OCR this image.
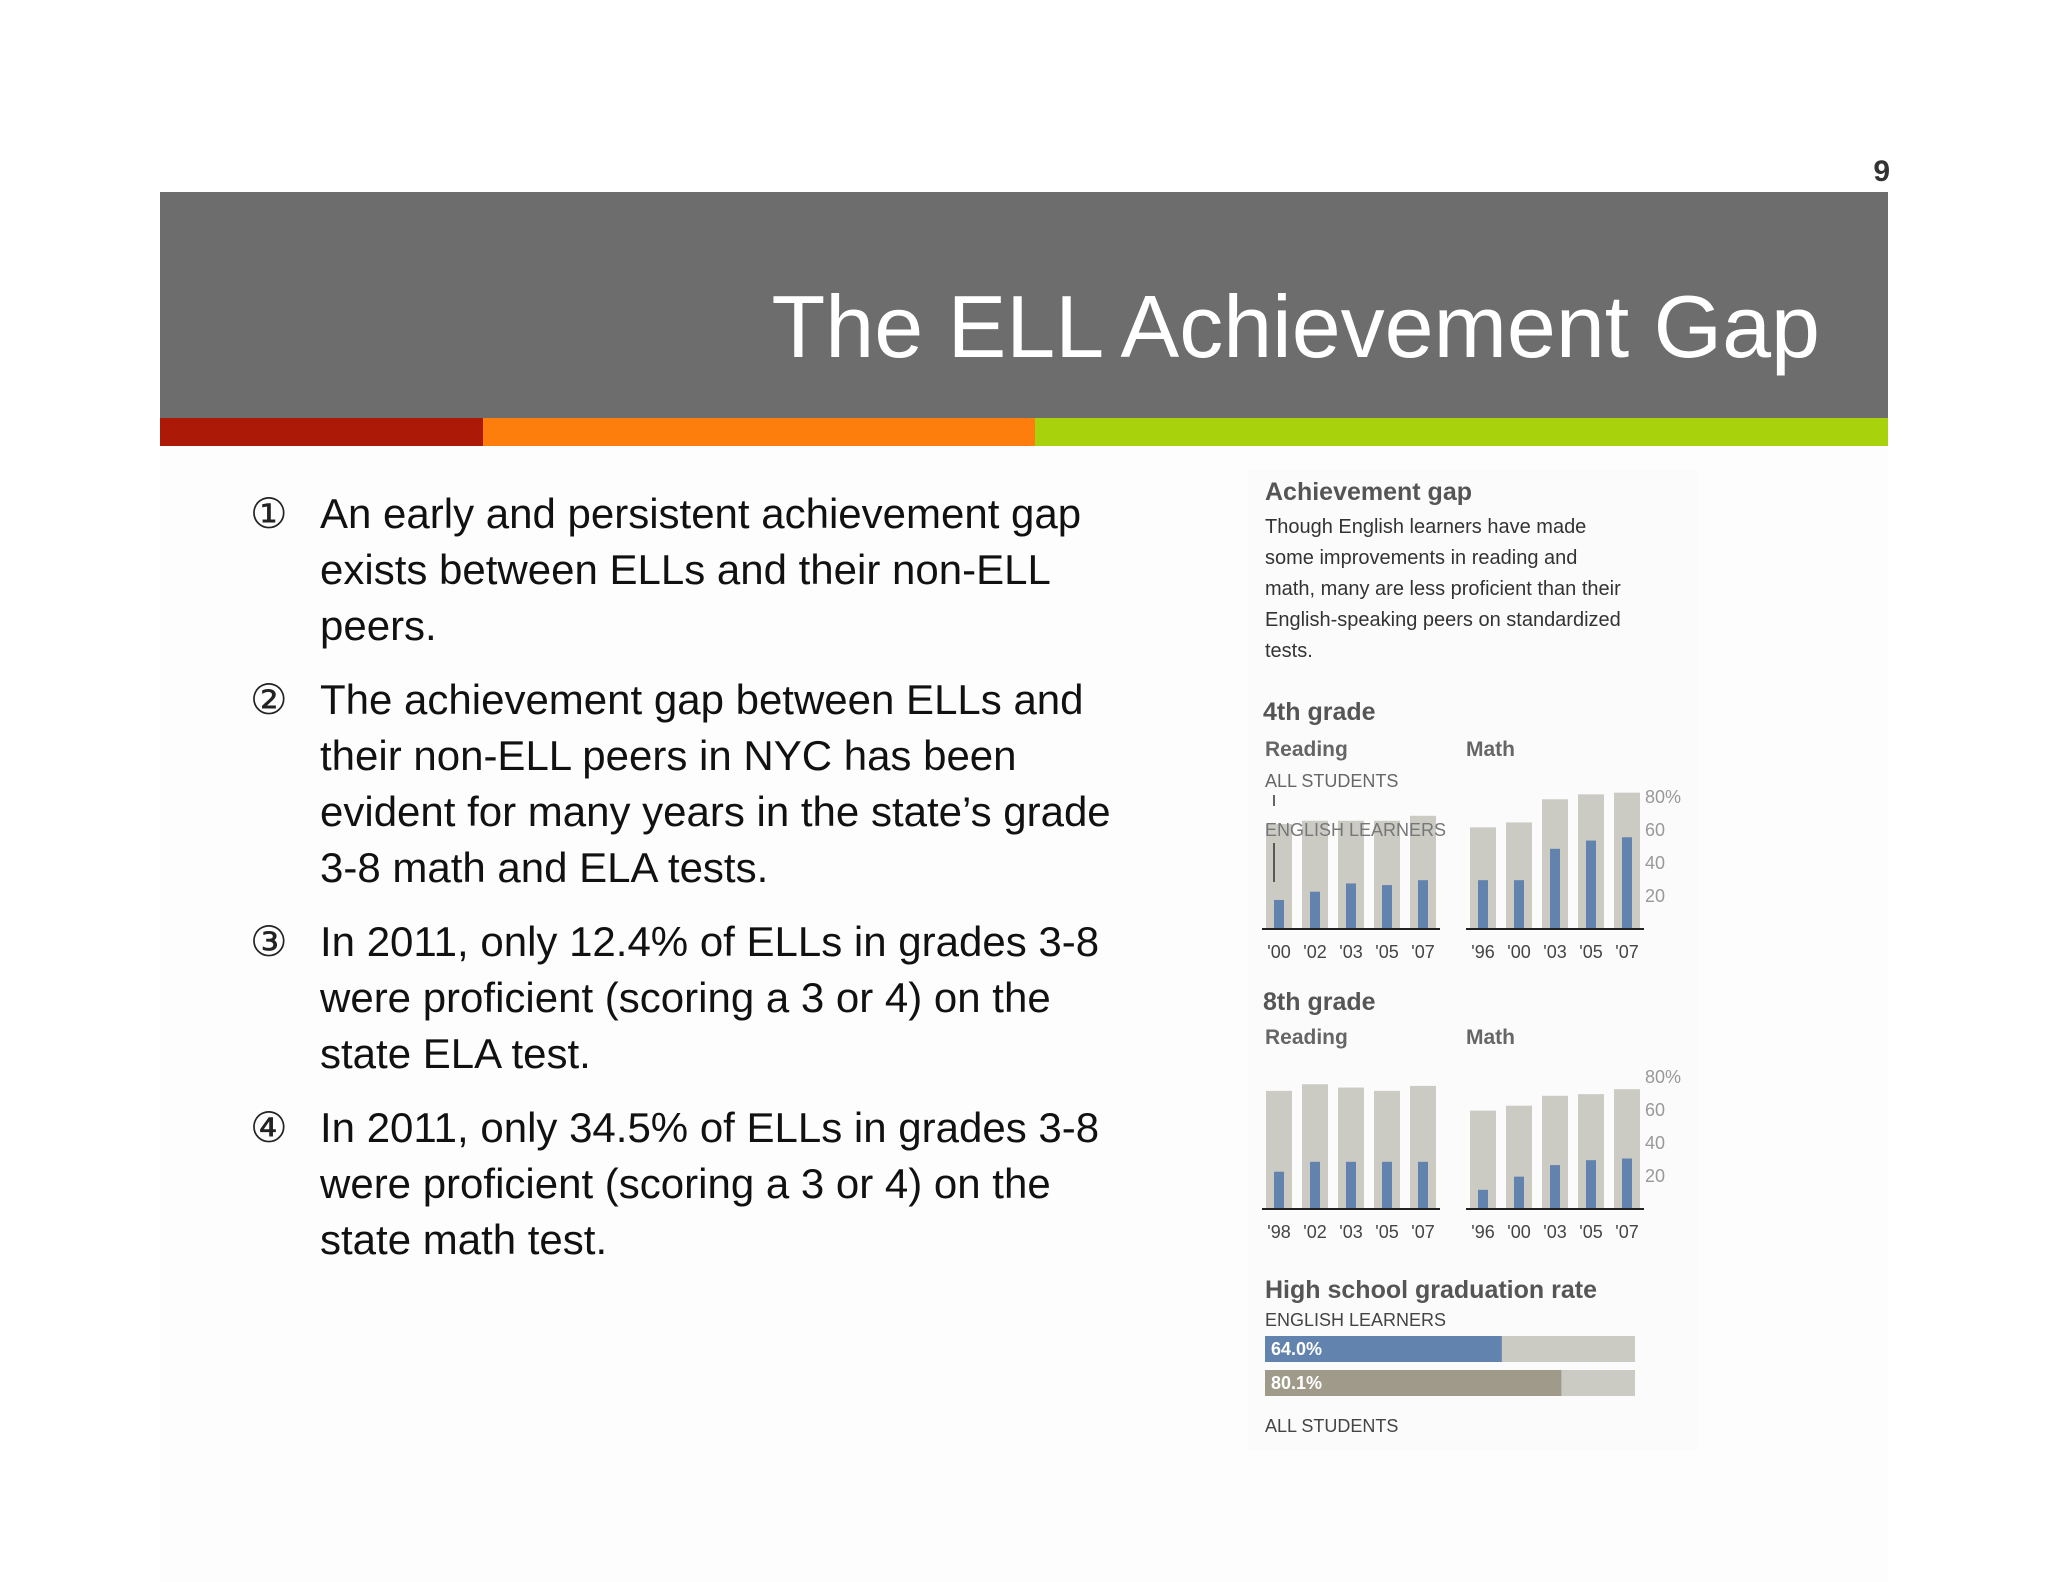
9
The ELL Achievement Gap
① An early and persistent achievement gap exists between ELLs and their non-ELL peers.
② The achievement gap between ELLs and their non-ELL peers in NYC has been evident for many years in the state’s grade 3-8 math and ELA tests.
③ In 2011, only 12.4% of ELLs in grades 3-8 were proficient (scoring a 3 or 4) on the state ELA test.
④ In 2011, only 34.5% of ELLs in grades 3-8 were proficient (scoring a 3 or 4) on the state math test.
Achievement gap
Though English learners have made
some improvements in reading and
math, many are less proficient than their
English-speaking peers on standardized
tests.
4th grade
Reading	Math
8th grade
Reading	Math
'00 '02 '03 '05 '07 '96 '00 '03 '05 '07
80%
60
40
20
'98 '02 '03 '05 '07 '96 '00 '03 '05 '07
80%
60
40
20
High school graduation rate
ENGLISH LEARNERS
64.0%
80.1%
ALL STUDENTS
ALL STUDENTS
ENGLISH LEARNERS
